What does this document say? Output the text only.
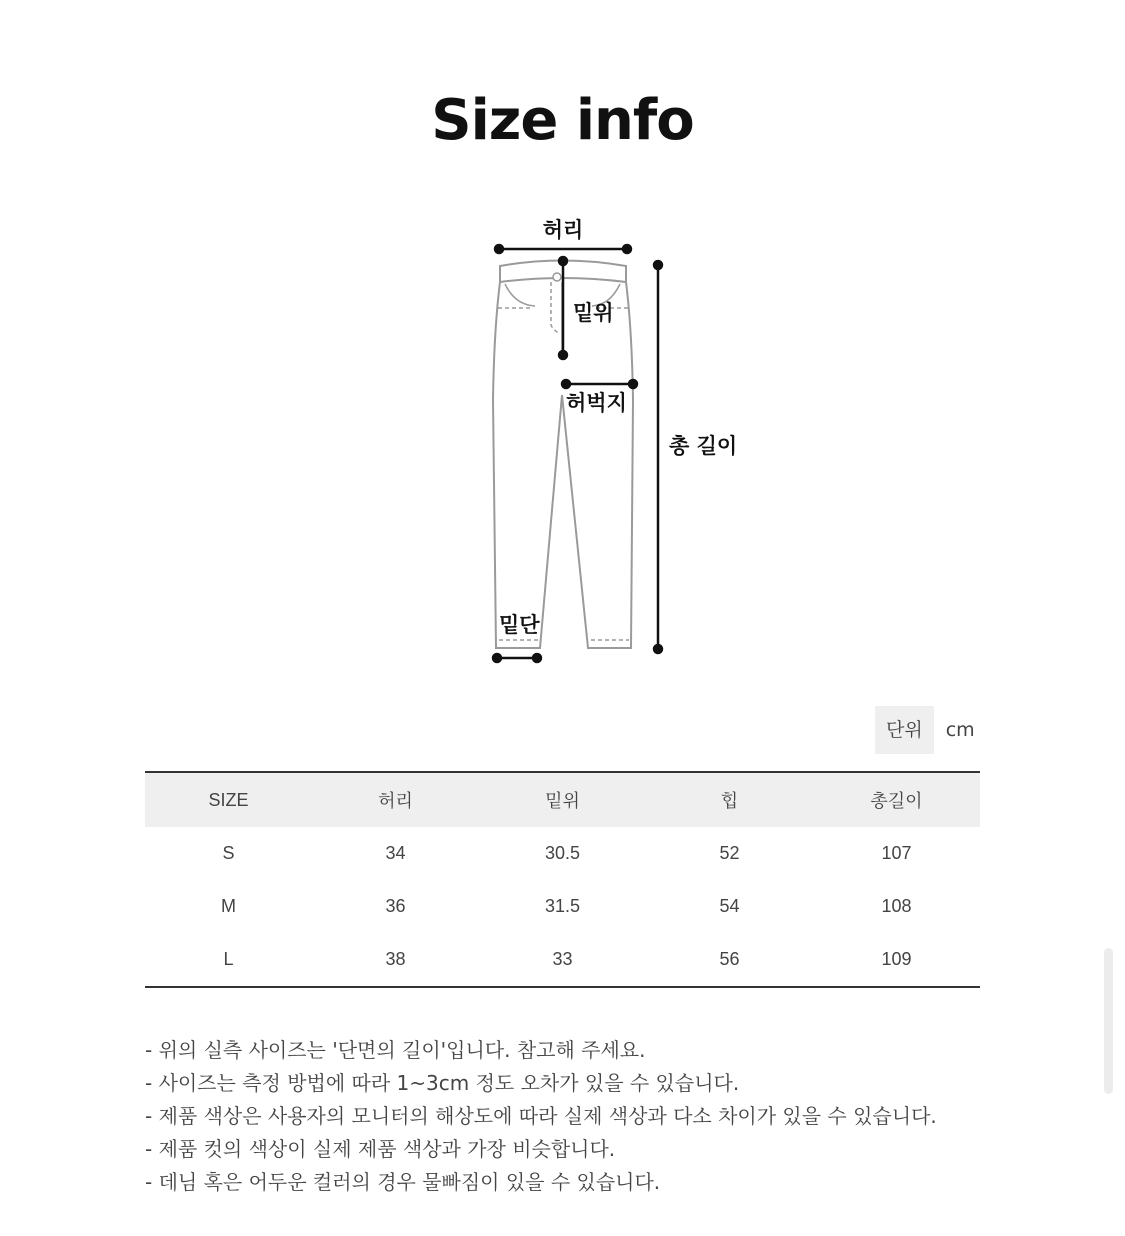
Size info
허리
밑위
허벅지
총 길이
밑단
단위	cm
SIZE	허리	밑위	힙	총길이
S	34	30.5	52	107
M	36	31.5	54	108
L	38	33	56	109
- 위의 실측 사이즈는 '단면의 길이'입니다. 참고해 주세요.
- 사이즈는 측정 방법에 따라 1~3cm 정도 오차가 있을 수 있습니다.
- 제품 색상은 사용자의 모니터의 해상도에 따라 실제 색상과 다소 차이가 있을 수 있습니다.
- 제품 컷의 색상이 실제 제품 색상과 가장 비슷합니다.
- 데님 혹은 어두운 컬러의 경우 물빠짐이 있을 수 있습니다.
